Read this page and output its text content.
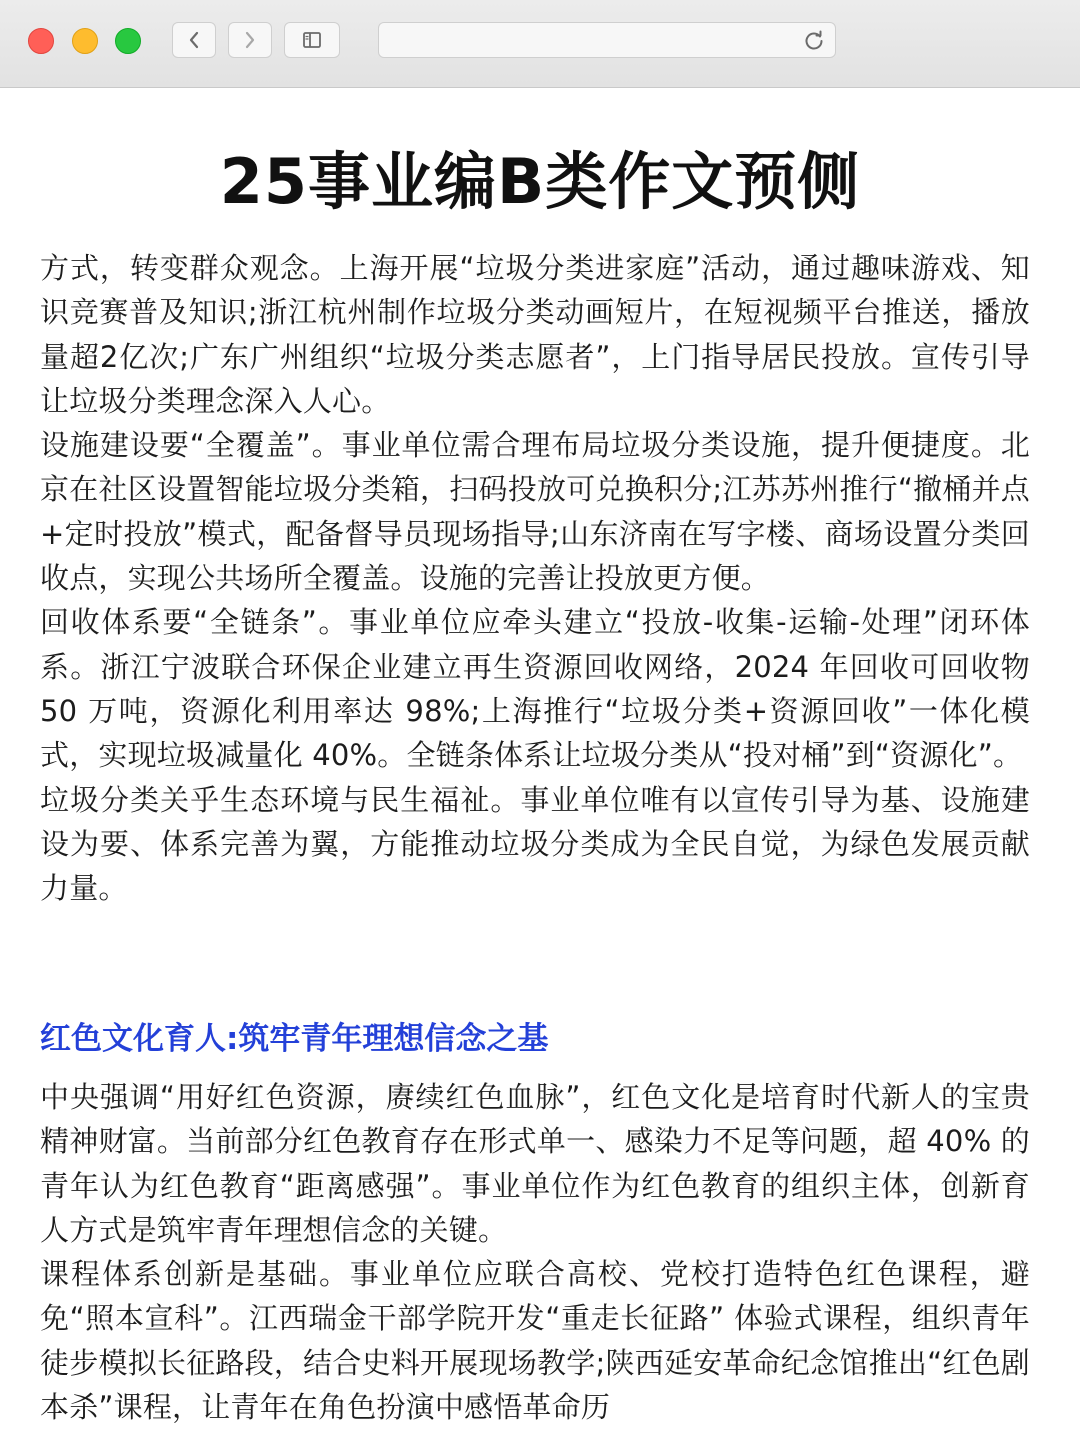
25事业编B类作文预侧

方式，转变群众观念。上海开展“垃圾分类进家庭”活动，通过趣味游戏、知识竞赛普及知识;浙江杭州制作垃圾分类动画短片，在短视频平台推送，播放量超2亿次;广东广州组织“垃圾分类志愿者”，上门指导居民投放。宣传引导让垃圾分类理念深入人心。

设施建设要“全覆盖”。事业单位需合理布局垃圾分类设施，提升便捷度。北京在社区设置智能垃圾分类箱，扫码投放可兑换积分;江苏苏州推行“撤桶并点+定时投放”模式，配备督导员现场指导;山东济南在写字楼、商场设置分类回收点，实现公共场所全覆盖。设施的完善让投放更方便。

回收体系要“全链条”。事业单位应牵头建立“投放-收集-运输-处理”闭环体系。浙江宁波联合环保企业建立再生资源回收网络，2024 年回收可回收物 50 万吨，资源化利用率达 98%;上海推行“垃圾分类+资源回收”一体化模式，实现垃圾减量化 40%。全链条体系让垃圾分类从“投对桶”到“资源化”。

垃圾分类关乎生态环境与民生福祉。事业单位唯有以宣传引导为基、设施建设为要、体系完善为翼，方能推动垃圾分类成为全民自觉，为绿色发展贡献力量。

红色文化育人:筑牢青年理想信念之基

中央强调“用好红色资源，赓续红色血脉”，红色文化是培育时代新人的宝贵精神财富。当前部分红色教育存在形式单一、感染力不足等问题，超 40% 的青年认为红色教育“距离感强”。事业单位作为红色教育的组织主体，创新育人方式是筑牢青年理想信念的关键。

课程体系创新是基础。事业单位应联合高校、党校打造特色红色课程，避免“照本宣科”。江西瑞金干部学院开发“重走长征路” 体验式课程，组织青年徒步模拟长征路段，结合史料开展现场教学;陕西延安革命纪念馆推出“红色剧本杀”课程，让青年在角色扮演中感悟革命历
